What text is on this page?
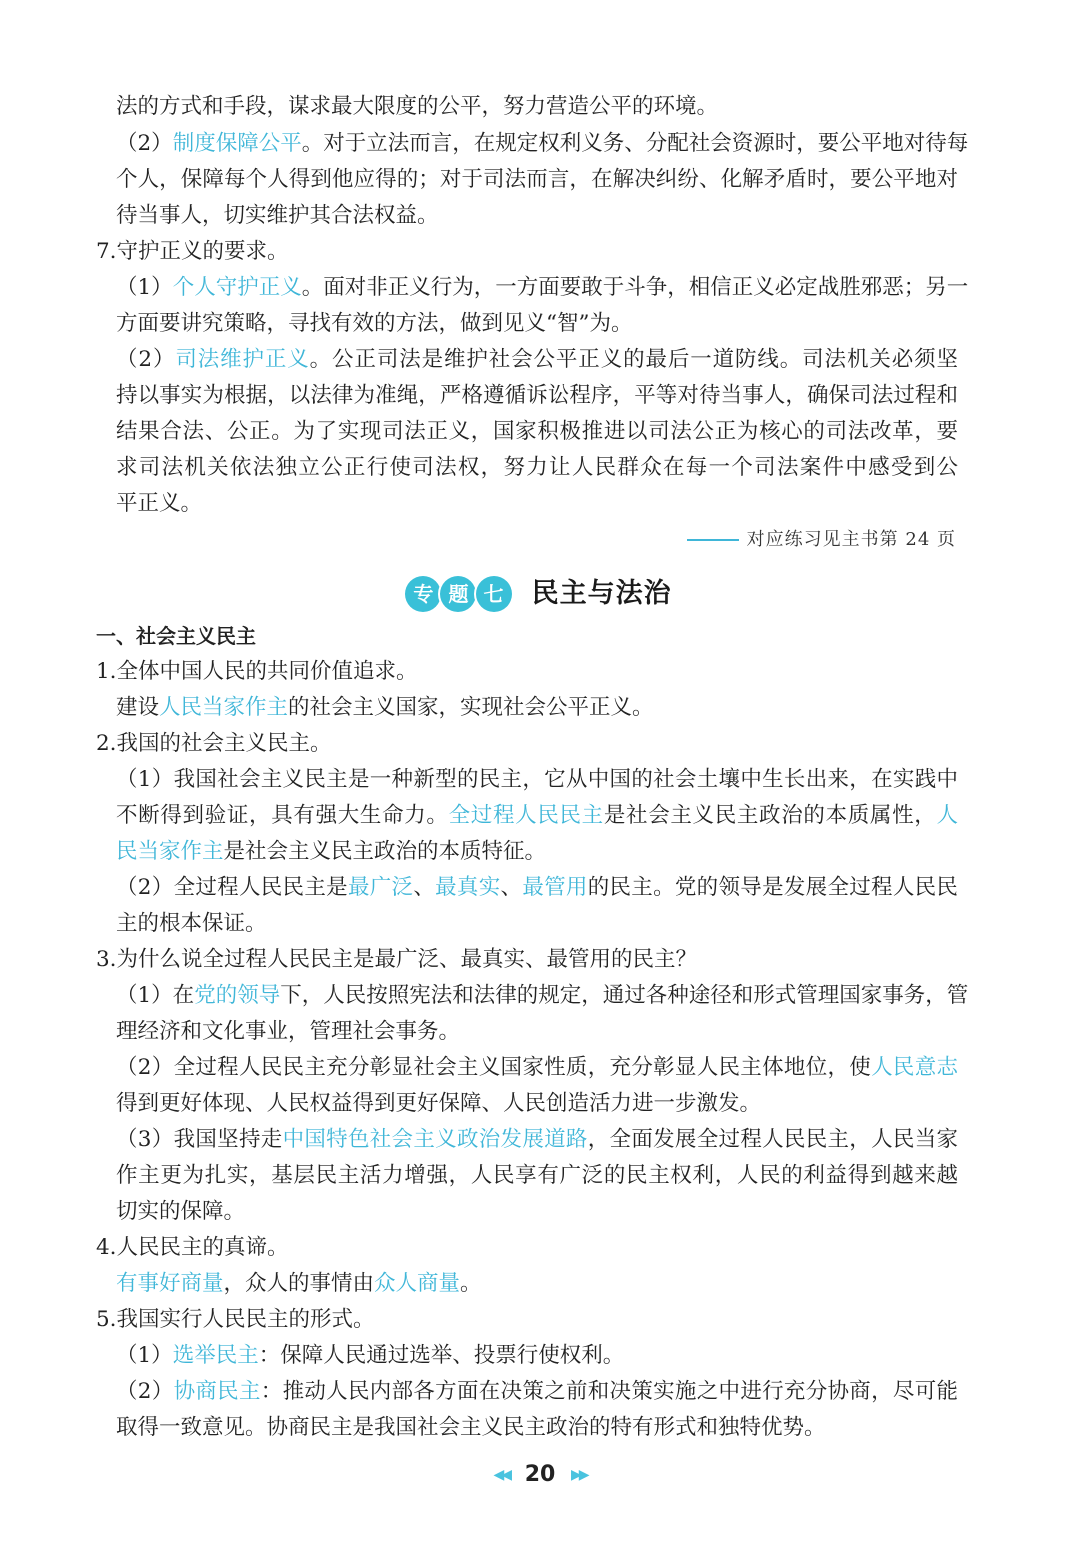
法的方式和手段，谋求最大限度的公平，努力营造公平的环境。
（2）制度保障公平。对于立法而言，在规定权利义务、分配社会资源时，要公平地对待每
个人，保障每个人得到他应得的；对于司法而言，在解决纠纷、化解矛盾时，要公平地对
待当事人，切实维护其合法权益。
7.守护正义的要求。
（1）个人守护正义。面对非正义行为，一方面要敢于斗争，相信正义必定战胜邪恶；另一
方面要讲究策略，寻找有效的方法，做到见义“智”为。
（2）司法维护正义。公正司法是维护社会公平正义的最后一道防线。司法机关必须坚
持以事实为根据，以法律为准绳，严格遵循诉讼程序，平等对待当事人，确保司法过程和
结果合法、公正。为了实现司法正义，国家积极推进以司法公正为核心的司法改革，要
求司法机关依法独立公正行使司法权，努力让人民群众在每一个司法案件中感受到公
平正义。
一、社会主义民主
1.全体中国人民的共同价值追求。
建设人民当家作主的社会主义国家，实现社会公平正义。
2.我国的社会主义民主。
（1）我国社会主义民主是一种新型的民主，它从中国的社会土壤中生长出来，在实践中
不断得到验证，具有强大生命力。全过程人民民主是社会主义民主政治的本质属性，人
民当家作主是社会主义民主政治的本质特征。
（2）全过程人民民主是最广泛、最真实、最管用的民主。党的领导是发展全过程人民民
主的根本保证。
3.为什么说全过程人民民主是最广泛、最真实、最管用的民主？
（1）在党的领导下，人民按照宪法和法律的规定，通过各种途径和形式管理国家事务，管
理经济和文化事业，管理社会事务。
（2）全过程人民民主充分彰显社会主义国家性质，充分彰显人民主体地位，使人民意志
得到更好体现、人民权益得到更好保障、人民创造活力进一步激发。
（3）我国坚持走中国特色社会主义政治发展道路，全面发展全过程人民民主，人民当家
作主更为扎实，基层民主活力增强，人民享有广泛的民主权利，人民的利益得到越来越
切实的保障。
4.人民民主的真谛。
有事好商量，众人的事情由众人商量。
5.我国实行人民民主的形式。
（1）选举民主：保障人民通过选举、投票行使权利。
（2）协商民主：推动人民内部各方面在决策之前和决策实施之中进行充分协商，尽可能
取得一致意见。协商民主是我国社会主义民主政治的特有形式和独特优势。
对应练习见主书第 24 页
专 题 七 民主与法治
◀◀ 20 ▶▶
